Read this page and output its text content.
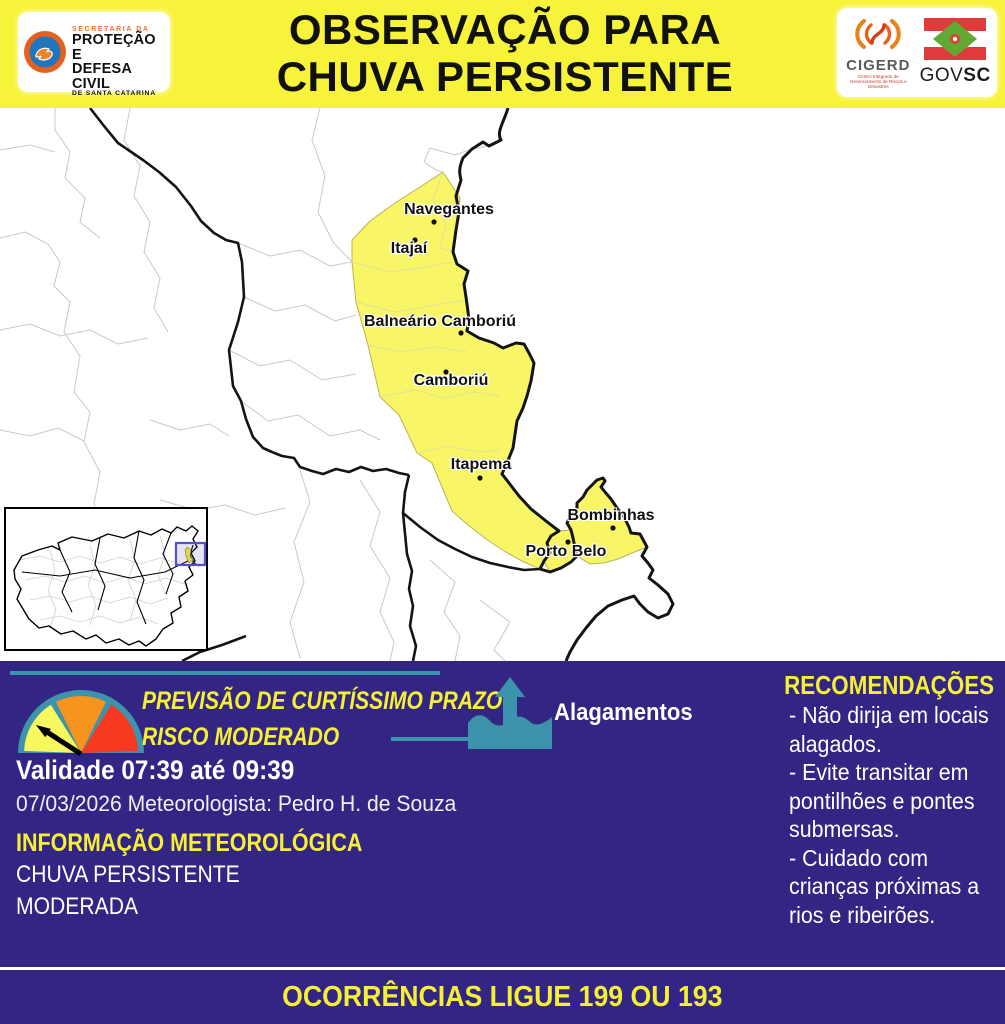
SECRETARIA DA
PROTEÇÃO E
DEFESA CIVIL
DE SANTA CATARINA
OBSERVAÇÃO PARA
CHUVA PERSISTENTE	CIGERD
Centro Integrado de Gerenciamento de Riscos e Desastres
GOVSC
Navegantes
Itajaí
Balneário Camboriú
Camboriú
Itapema
Bombinhas
Porto Belo
PREVISÃO DE CURTÍSSIMO PRAZO
RISCO MODERADO
Validade 07:39 até 09:39
07/03/2026 Meteorologista: Pedro H. de Souza
INFORMAÇÃO METEOROLÓGICA
CHUVA PERSISTENTE
MODERADA
Alagamentos
RECOMENDAÇÕES
- Não dirija em locais alagados.
- Evite transitar em pontilhões e pontes submersas.
- Cuidado com crianças próximas a rios e ribeirões.
OCORRÊNCIAS LIGUE 199 OU 193
